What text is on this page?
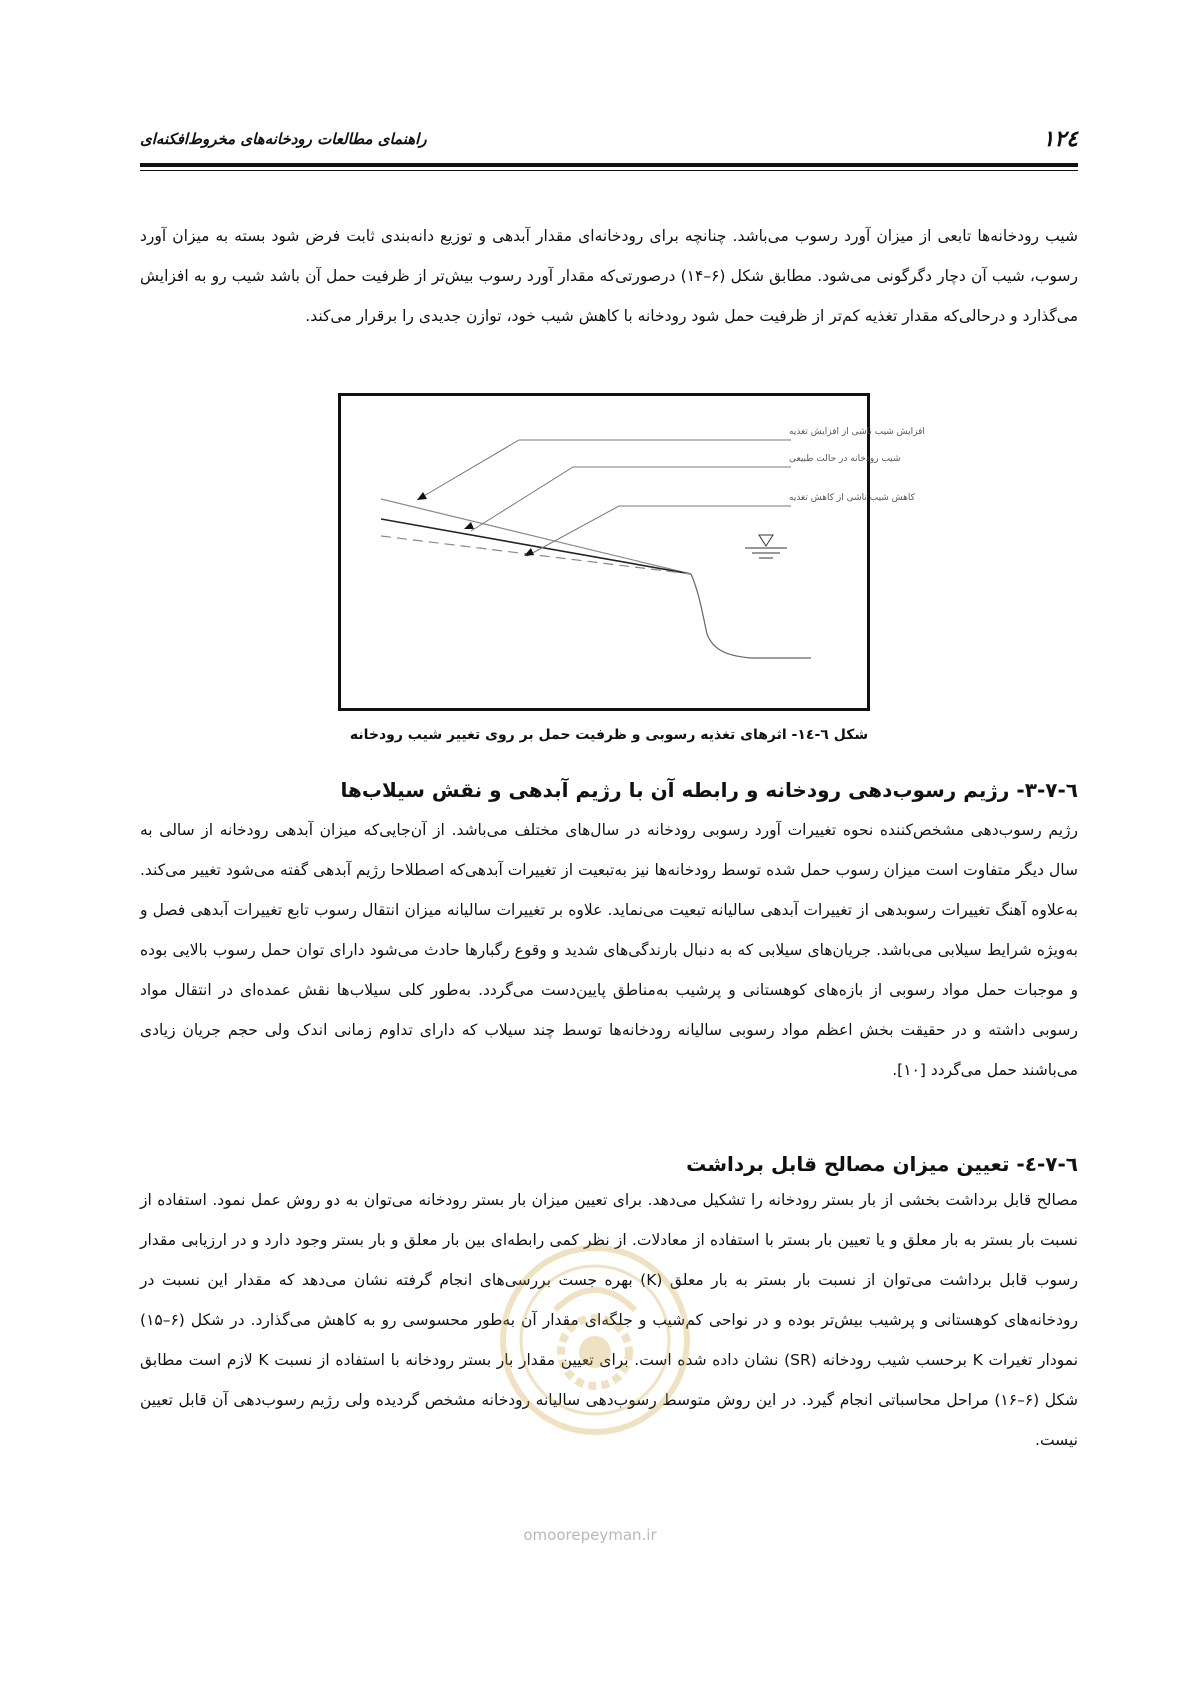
۱۲٤
راهنمای مطالعات رودخانه‌های مخروط‌افکنه‌ای

شیب رودخانه‌ها تابعی از میزان آورد رسوب می‌باشد. چنانچه برای رودخانه‌ای مقدار آبدهی و توزیع دانه‌بندی ثابت فرض شود بسته به میزان آورد رسوب، شیب آن دچار دگرگونی می‌شود. مطابق شکل (۶–۱۴) درصورتی‌که مقدار آورد رسوب بیش‌تر از ظرفیت حمل آن باشد شیب رو به افزایش می‌گذارد و درحالی‌که مقدار تغذیه کم‌تر از ظرفیت حمل شود رودخانه با کاهش شیب خود، توازن جدیدی را برقرار می‌کند.

افزایش شیب ناشی از افزایش تغذیه
شیب رودخانه در حالت طبیعی
کاهش شیب ناشی از کاهش تغذیه
شکل ٦-١٤- اثرهای تغذیه رسوبی و ظرفیت حمل بر روی تغییر شیب رودخانه
٦-٧-٣- رژیم رسوب‌دهی رودخانه و رابطه آن با رژیم آبدهی و نقش سیلاب‌ها

رژیم رسوب‌دهی مشخص‌کننده نحوه تغییرات آورد رسوبی رودخانه در سال‌های مختلف می‌باشد. از آن‌جایی‌که میزان آبدهی رودخانه از سالی به سال دیگر متفاوت است میزان رسوب حمل شده توسط رودخانه‌ها نیز به‌تبعیت از تغییرات آبدهی‌که اصطلاحا رژیم آبدهی گفته می‌شود تغییر می‌کند. به‌علاوه آهنگ تغییرات رسوبدهی از تغییرات آبدهی سالیانه تبعیت می‌نماید. علاوه بر تغییرات سالیانه میزان انتقال رسوب تابع تغییرات آبدهی فصل و به‌ویژه شرایط سیلابی می‌باشد. جریان‌های سیلابی که به دنبال بارندگی‌های شدید و وقوع رگبارها حادث می‌شود دارای توان حمل رسوب بالایی بوده و موجبات حمل مواد رسوبی از بازه‌های کوهستانی و پرشیب به‌مناطق پایین‌دست می‌گردد. به‌طور کلی سیلاب‌ها نقش عمده‌ای در انتقال مواد رسوبی داشته و در حقیقت بخش اعظم مواد رسوبی سالیانه رودخانه‌ها توسط چند سیلاب که دارای تداوم زمانی اندک ولی حجم جریان زیادی می‌باشند حمل می‌گردد [۱۰].

٦-٧-٤- تعیین میزان مصالح قابل برداشت

مصالح قابل برداشت بخشی از بار بستر رودخانه را تشکیل می‌دهد. برای تعیین میزان بار بستر رودخانه می‌توان به دو روش عمل نمود. استفاده از نسبت بار بستر به بار معلق و یا تعیین بار بستر با استفاده از معادلات. از نظر کمی رابطه‌ای بین بار معلق و بار بستر وجود دارد و در ارزیابی مقدار رسوب قابل برداشت می‌توان از نسبت بار بستر به بار معلق (K) بهره جست بررسی‌های انجام گرفته نشان می‌دهد که مقدار این نسبت در رودخانه‌های کوهستانی و پرشیب بیش‌تر بوده و در نواحی کم‌شیب و جلگه‌ای مقدار آن به‌طور محسوسی رو به کاهش می‌گذارد. در شکل (۶–۱۵) نمودار تغیرات K برحسب شیب رودخانه (SR) نشان داده شده است. برای تعیین مقدار بار بستر رودخانه با استفاده از نسبت K لازم است مطابق شکل (۶–۱۶) مراحل محاسباتی انجام گیرد. در این روش متوسط رسوب‌دهی سالیانه رودخانه مشخص گردیده ولی رژیم رسوب‌دهی آن قابل تعیین نیست.

omoorepeyman.ir
